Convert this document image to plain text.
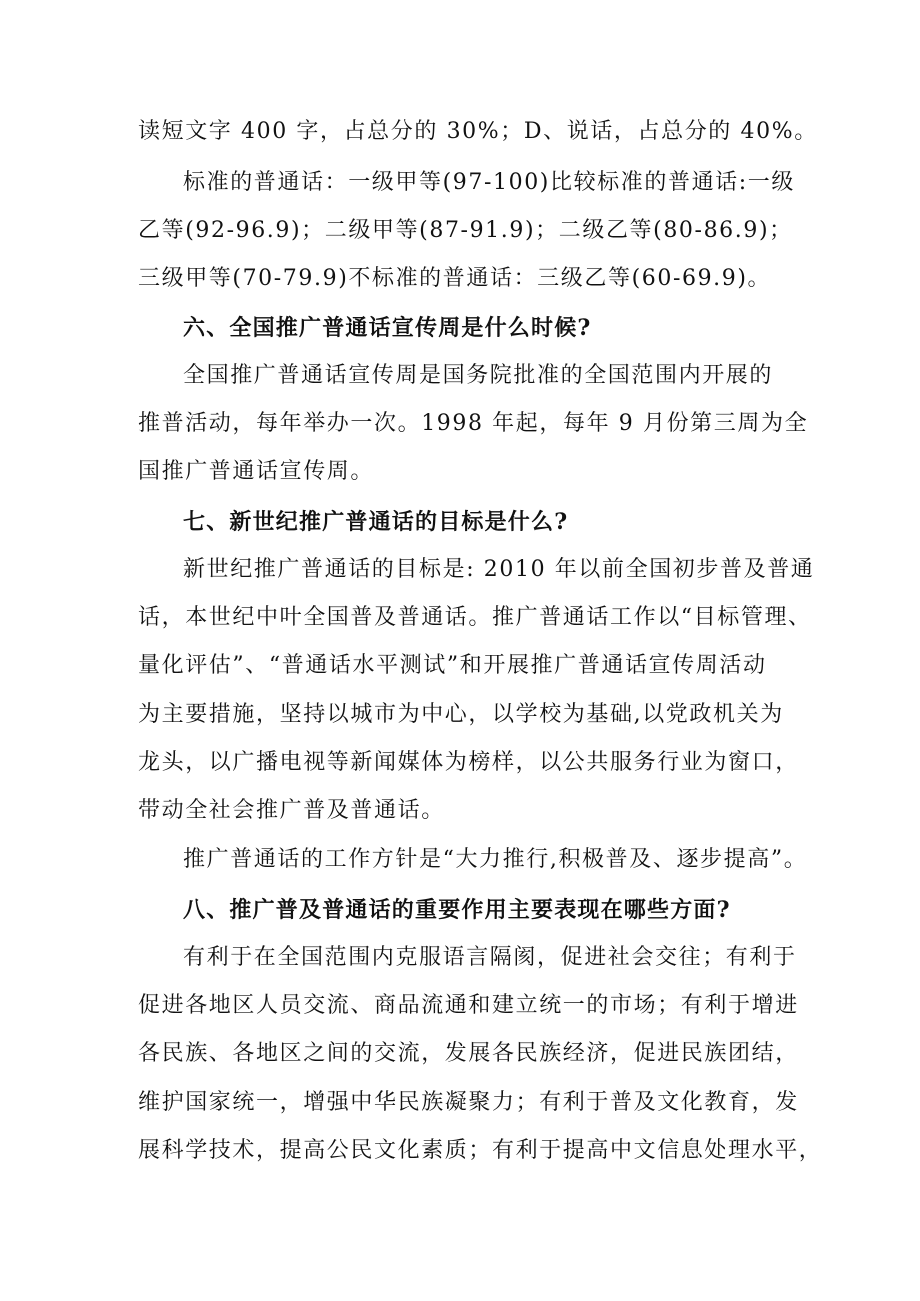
读短文字 400 字，占总分的 30%；D、说话，占总分的 40%。
标准的普通话：一级甲等(97-100)比较标准的普通话:一级
乙等(92-96.9)；二级甲等(87-91.9)；二级乙等(80-86.9)；
三级甲等(70-79.9)不标准的普通话：三级乙等(60-69.9)。
六、全国推广普通话宣传周是什么时候?
全国推广普通话宣传周是国务院批准的全国范围内开展的
推普活动，每年举办一次。1998 年起，每年 9 月份第三周为全
国推广普通话宣传周。
七、新世纪推广普通话的目标是什么?
新世纪推广普通话的目标是: 2010 年以前全国初步普及普通
话，本世纪中叶全国普及普通话。推广普通话工作以“目标管理、
量化评估”、“普通话水平测试”和开展推广普通话宣传周活动
为主要措施，坚持以城市为中心，以学校为基础,以党政机关为
龙头，以广播电视等新闻媒体为榜样，以公共服务行业为窗口，
带动全社会推广普及普通话。
推广普通话的工作方针是“大力推行,积极普及、逐步提高”。
八、推广普及普通话的重要作用主要表现在哪些方面?
有利于在全国范围内克服语言隔阂，促进社会交往；有利于
促进各地区人员交流、商品流通和建立统一的市场；有利于增进
各民族、各地区之间的交流，发展各民族经济，促进民族团结，
维护国家统一，增强中华民族凝聚力；有利于普及文化教育，发
展科学技术，提高公民文化素质；有利于提高中文信息处理水平，
